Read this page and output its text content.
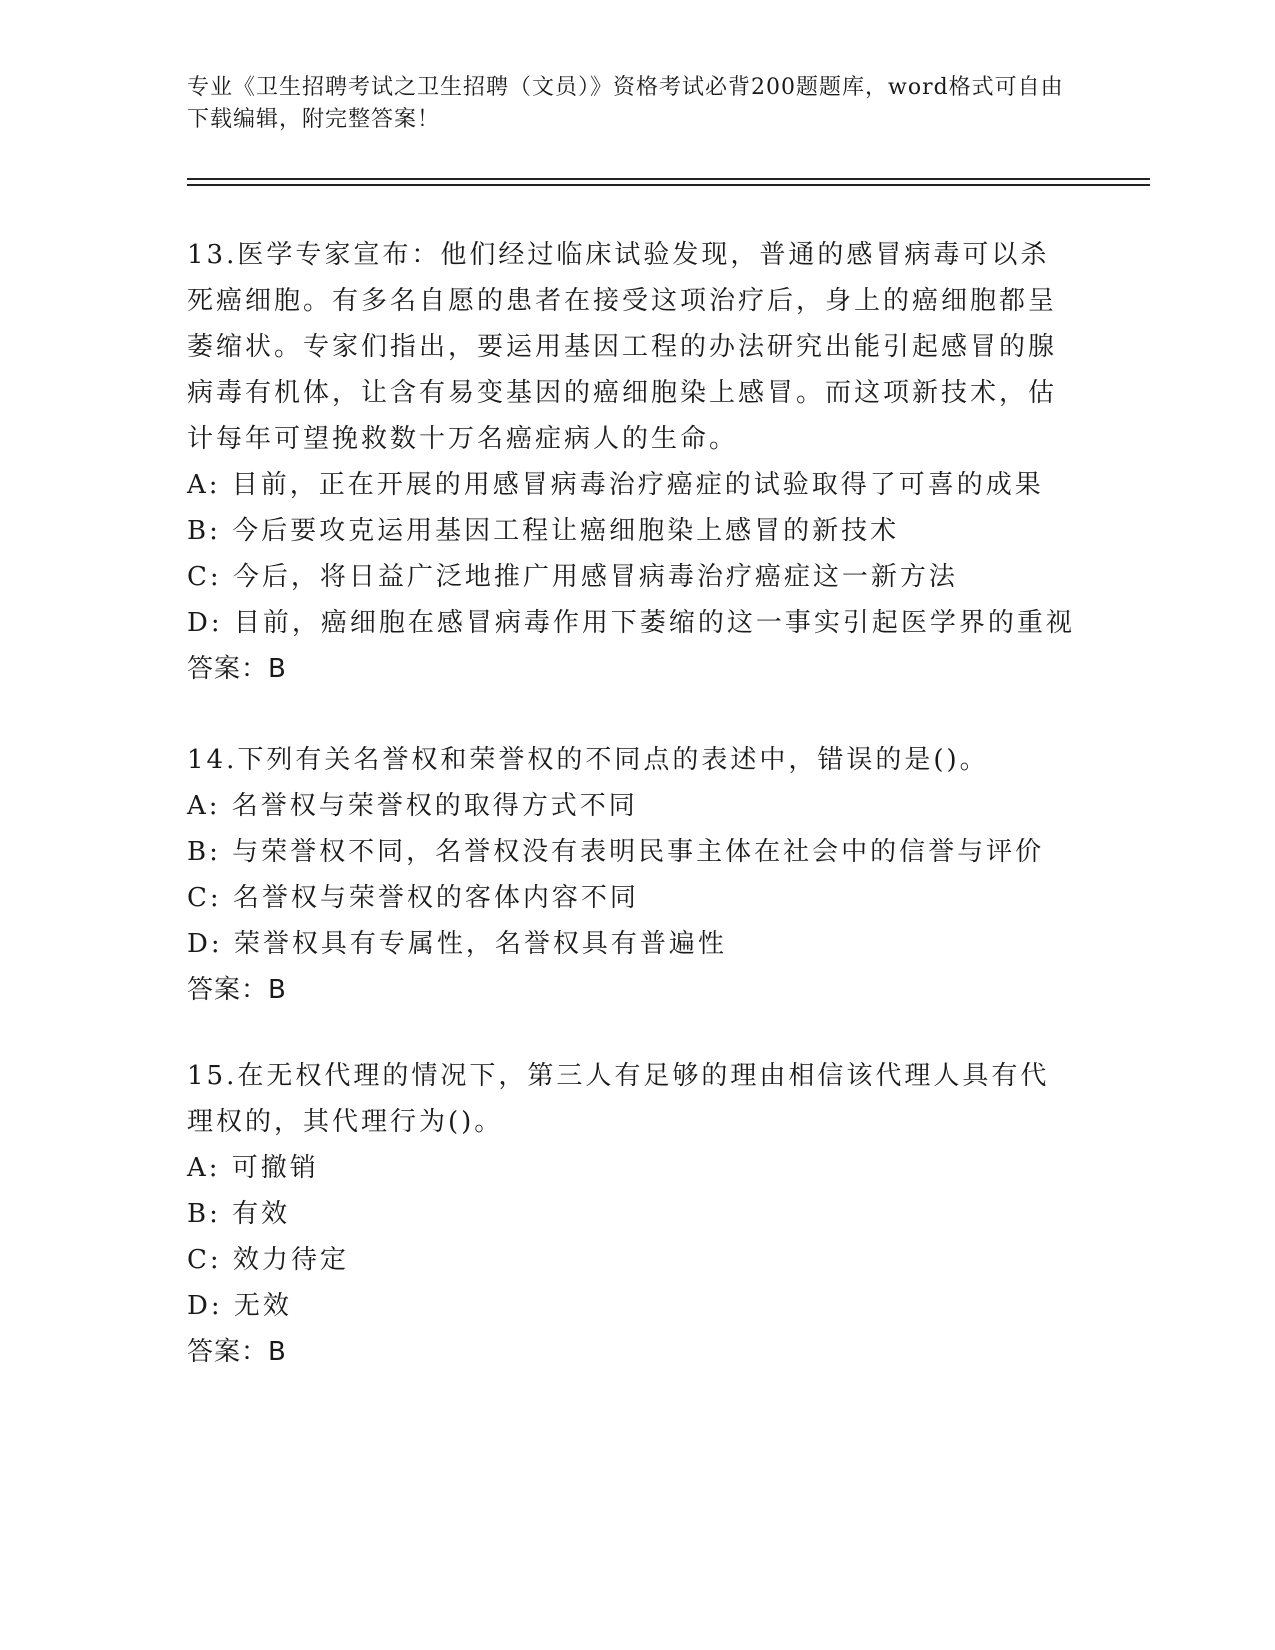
专业《卫生招聘考试之卫生招聘（文员）》资格考试必背200题题库，word格式可自由下载编辑，附完整答案！
13.医学专家宣布：他们经过临床试验发现，普通的感冒病毒可以杀死癌细胞。有多名自愿的患者在接受这项治疗后，身上的癌细胞都呈萎缩状。专家们指出，要运用基因工程的办法研究出能引起感冒的腺病毒有机体，让含有易变基因的癌细胞染上感冒。而这项新技术，估计每年可望挽救数十万名癌症病人的生命。
A: 目前，正在开展的用感冒病毒治疗癌症的试验取得了可喜的成果
B: 今后要攻克运用基因工程让癌细胞染上感冒的新技术
C: 今后，将日益广泛地推广用感冒病毒治疗癌症这一新方法
D: 目前，癌细胞在感冒病毒作用下萎缩的这一事实引起医学界的重视
答案：B
14.下列有关名誉权和荣誉权的不同点的表述中，错误的是()。
A: 名誉权与荣誉权的取得方式不同
B: 与荣誉权不同，名誉权没有表明民事主体在社会中的信誉与评价
C: 名誉权与荣誉权的客体内容不同
D: 荣誉权具有专属性，名誉权具有普遍性
答案：B
15.在无权代理的情况下，第三人有足够的理由相信该代理人具有代理权的，其代理行为()。
A: 可撤销
B: 有效
C: 效力待定
D: 无效
答案：B
